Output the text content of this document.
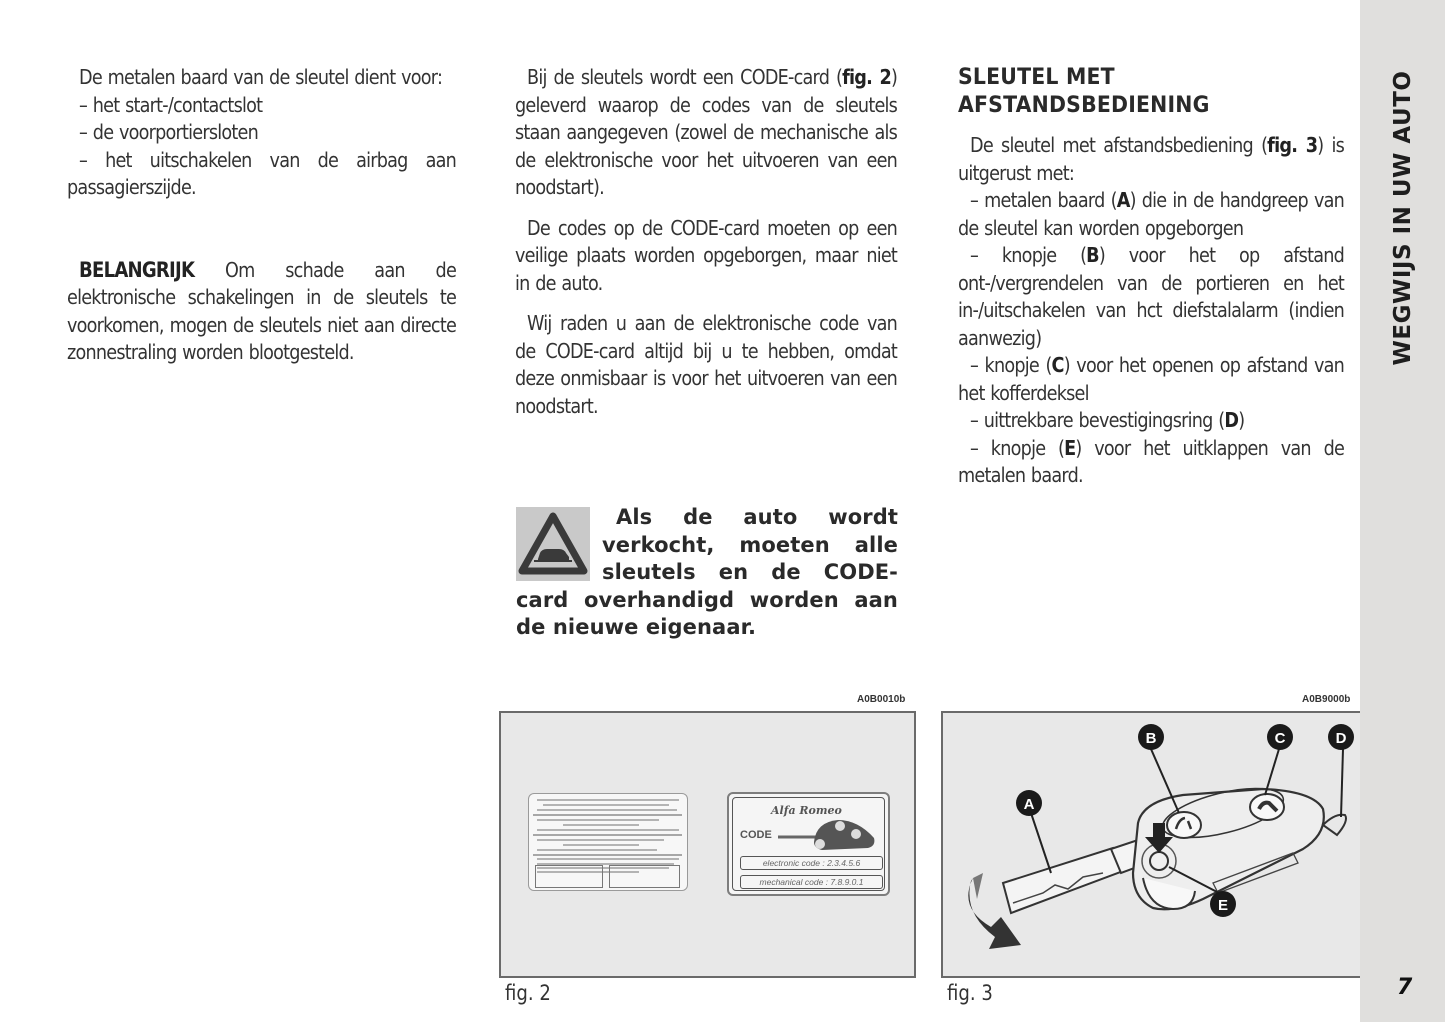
De metalen baard van de sleutel dient voor:

– het start-/contactslot

– de voorportiersloten

– het uitschakelen van de airbag aan passagierszijde.

BELANGRIJK Om schade aan de elektronische schakelingen in de sleutels te voorkomen, mogen de sleutels niet aan directe zonnestraling worden blootgesteld.

Bij de sleutels wordt een CODE-card (fig. 2) geleverd waarop de codes van de sleutels staan aangegeven (zowel de mechanische als de elektronische voor het uitvoeren van een noodstart).

De codes op de CODE-card moeten op een veilige plaats worden opgeborgen, maar niet in de auto.

Wij raden u aan de elektronische code van de CODE-card altijd bij u te hebben, omdat deze onmisbaar is voor het uitvoeren van een noodstart.

Als de auto wordt verkocht, moeten alle sleutels en de CODE-card overhandigd worden aan de nieuwe eigenaar.
SLEUTEL MET AFSTANDSBEDIENING

De sleutel met afstandsbediening (fig. 3) is uitgerust met:

– metalen baard (A) die in de handgreep van de sleutel kan worden opgeborgen

– knopje (B) voor het op afstand ont-/vergrendelen van de portieren en het in-/uitschakelen van hct diefstalalarm (indien aanwezig)

– knopje (C) voor het openen op afstand van het kofferdeksel

– uittrekbare bevestigingsring (D)

– knopje (E) voor het uitklappen van de metalen baard.

A0B0010b
Alfa Romeo
CODE
electronic code : 2.3.4.5.6
mechanical code : 7.8.9.0.1
fig. 2
A0B9000b
A
B	C	D
E
fig. 3
WEGWIJS IN UW AUTO
7
